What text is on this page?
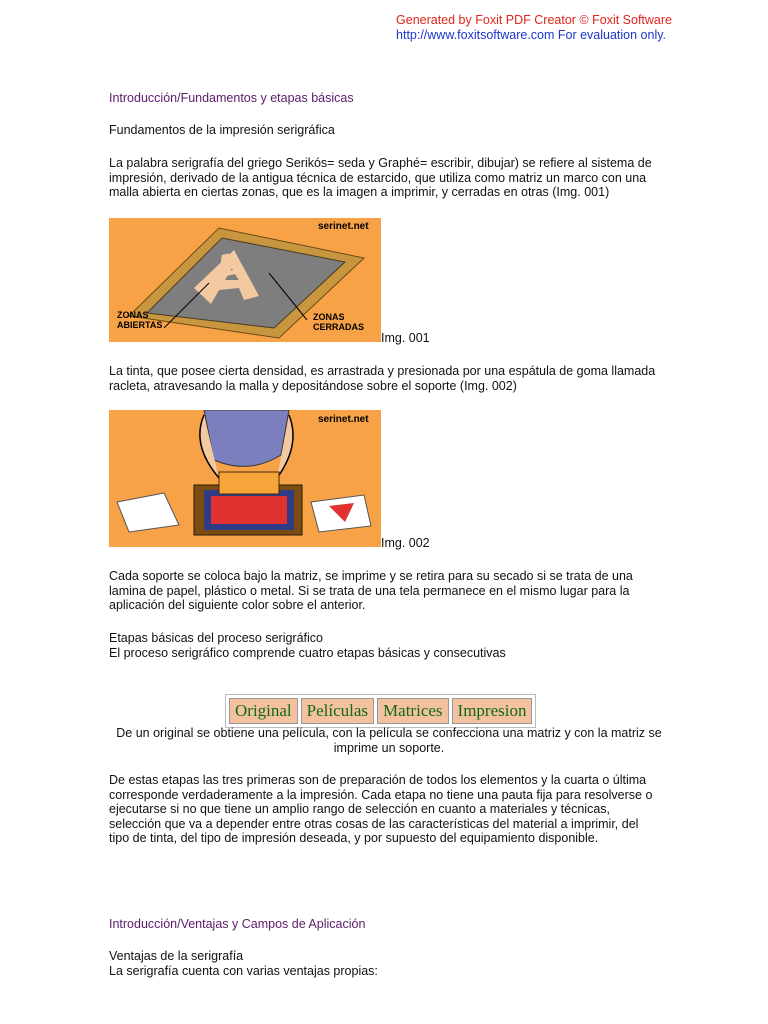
Generated by Foxit PDF Creator © Foxit Software
http://www.foxitsoftware.com For evaluation only.
Introducción/Fundamentos y etapas básicas
Fundamentos de la impresión serigráfica
La palabra serigrafía del griego Serikós= seda y Graphé= escribir, dibujar) se refiere al sistema de impresión, derivado de la antigua técnica de estarcido, que utiliza como matriz un marco con una malla abierta en ciertas zonas, que es la imagen a imprimir, y cerradas en otras (Img. 001)
serinet.net
A
ZONAS ABIERTAS
ZONAS CERRADAS
Img. 001
La tinta, que posee cierta densidad, es arrastrada y presionada por una espátula de goma llamada racleta, atravesando la malla y depositándose sobre el soporte (Img. 002)
serinet.net
Img. 002
Cada soporte se coloca bajo la matriz, se imprime y se retira para su secado si se trata de una lamina de papel, plástico o metal. Si se trata de una tela permanece en el mismo lugar para la aplicación del siguiente color sobre el anterior.
Etapas básicas del proceso serigráfico
El proceso serigráfico comprende cuatro etapas básicas y consecutivas
Original	Películas	Matrices	Impresion
De un original se obtiene una película, con la película se confecciona una matriz y con la matriz se imprime un soporte.
De estas etapas las tres primeras son de preparación de todos los elementos y la cuarta o última corresponde verdaderamente a la impresión. Cada etapa no tiene una pauta fija para resolverse o ejecutarse si no que tiene un amplio rango de selección en cuanto a materiales y técnicas, selección que va a depender entre otras cosas de las características del material a imprimir, del tipo de tinta, del tipo de impresión deseada, y por supuesto del equipamiento disponible.
Introducción/Ventajas y Campos de Aplicación
Ventajas de la serigrafía
La serigrafía cuenta con varias ventajas propias:
